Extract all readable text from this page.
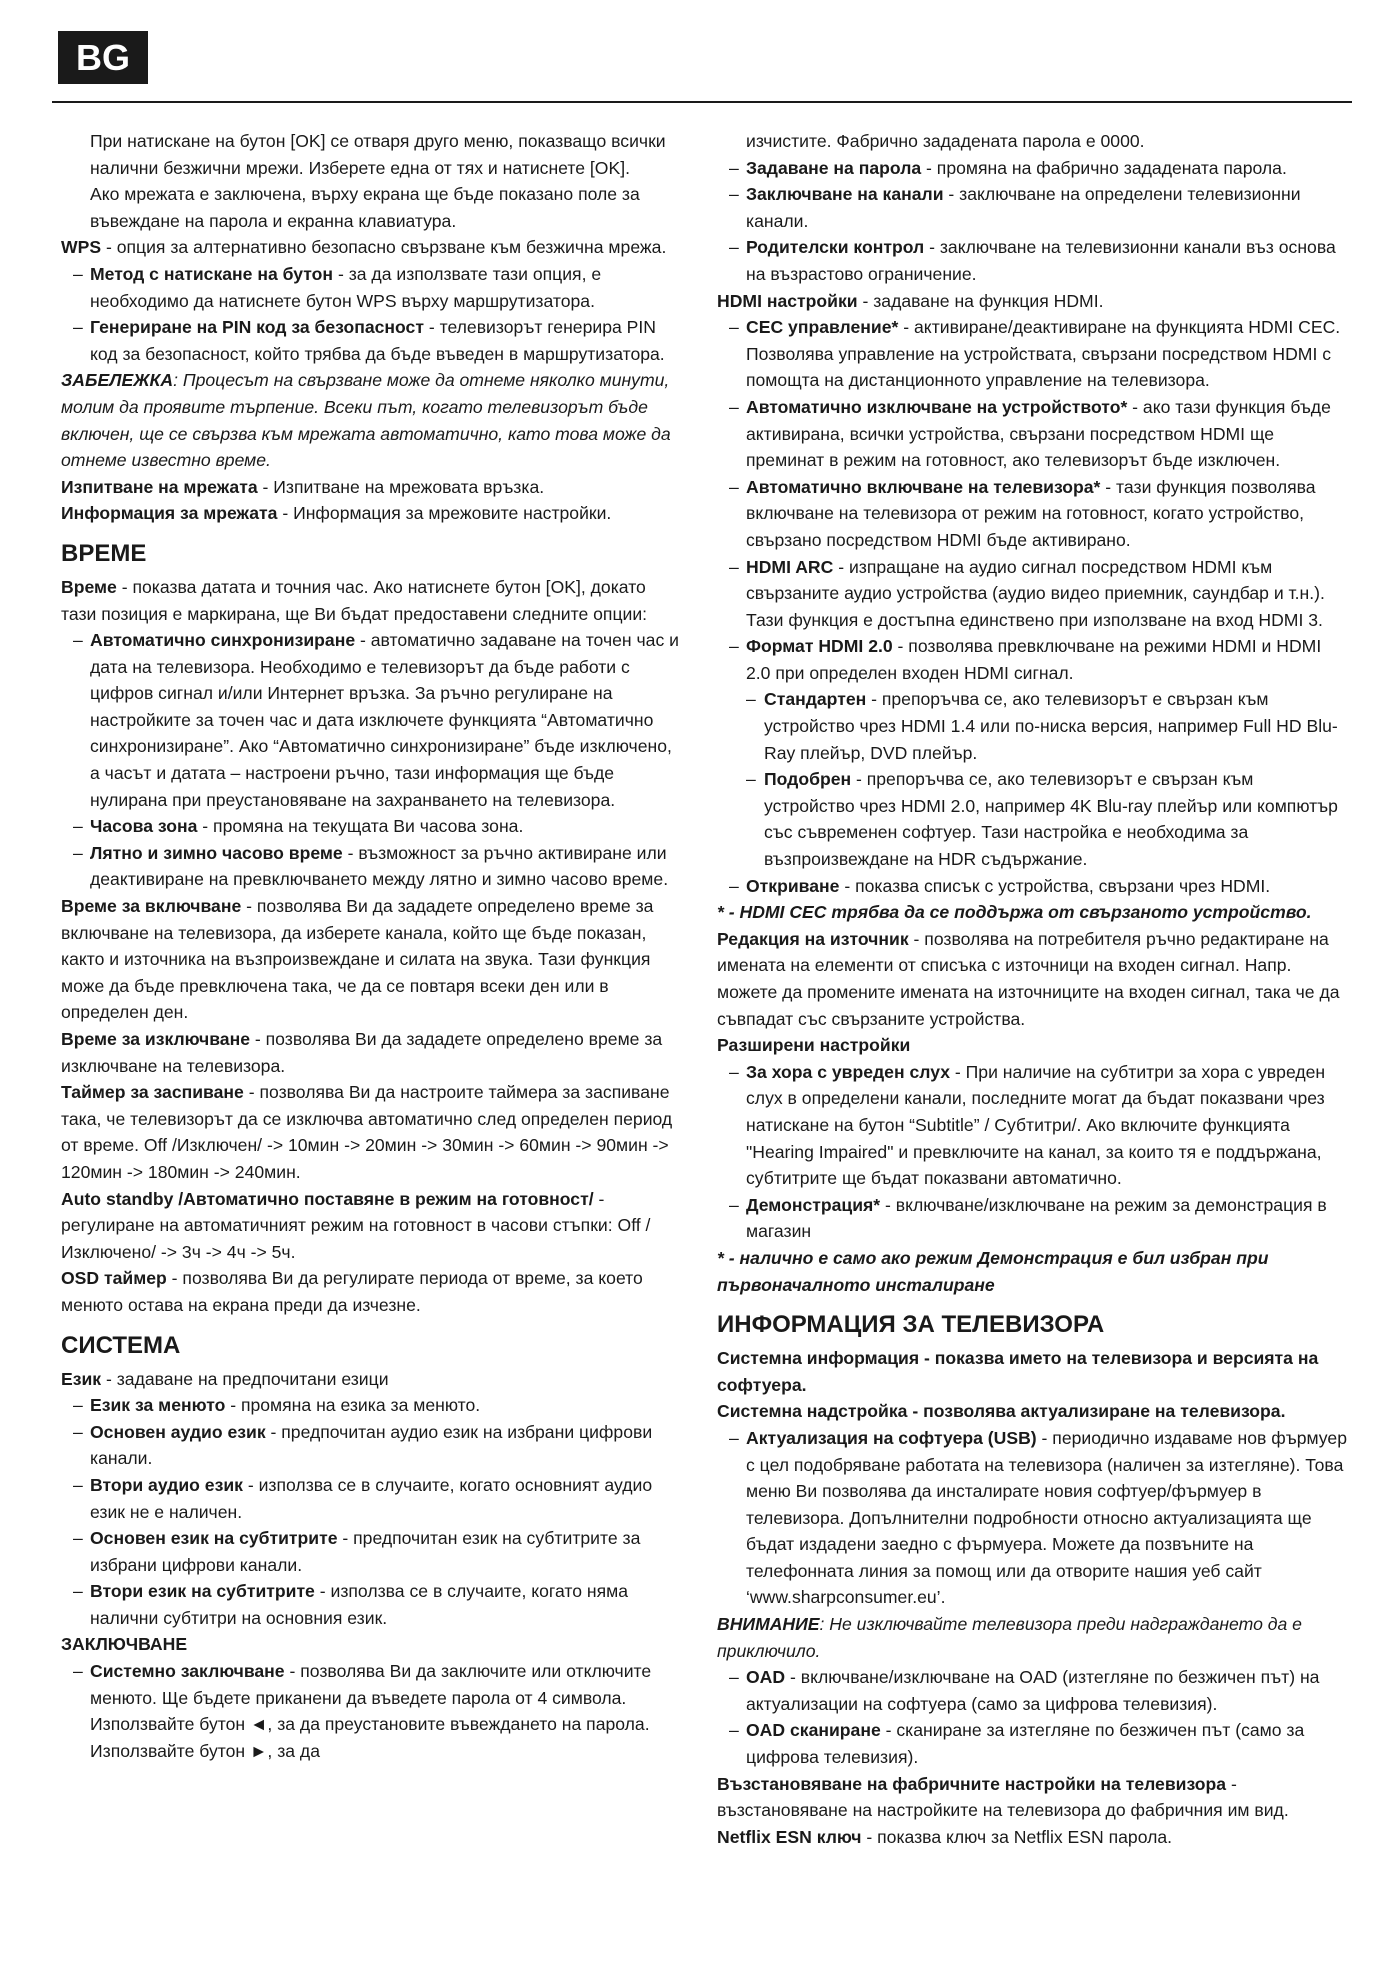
BG

При натискане на бутон [OK] се отваря друго меню, показващо всички налични безжични мрежи. Изберете една от тях и натиснете [OK].

Ако мрежата е заключена, върху екрана ще бъде показано поле за въвеждане на парола и екранна клавиатура.

WPS - опция за алтернативно безопасно свързване към безжична мрежа.

– Метод с натискане на бутон - за да използвате тази опция, е необходимо да натиснете бутон WPS върху маршрутизатора.

– Генериране на PIN код за безопасност - телевизорът генерира PIN код за безопасност, който трябва да бъде въведен в маршрутизатора.

ЗАБЕЛЕЖКА: Процесът на свързване може да отнеме няколко минути, молим да проявите търпение. Всеки път, когато телевизорът бъде включен, ще се свързва към мрежата автоматично, като това може да отнеме известно време.

Изпитване на мрежата - Изпитване на мрежовата връзка.

Информация за мрежата - Информация за мрежовите настройки.

ВРЕМЕ

Време - показва датата и точния час. Ако натиснете бутон [OK], докато тази позиция е маркирана, ще Ви бъдат предоставени следните опции:

– Автоматично синхронизиране - автоматично задаване на точен час и дата на телевизора. Необходимо е телевизорът да бъде работи с цифров сигнал и/или Интернет връзка. За ръчно регулиране на настройките за точен час и дата изключете функцията “Автоматично синхронизиране”. Ако “Автоматично синхронизиране” бъде изключено, а часът и датата – настроени ръчно, тази информация ще бъде нулирана при преустановяване на захранването на телевизора.

– Часова зона - промяна на текущата Ви часова зона.

– Лятно и зимно часово време - възможност за ръчно активиране или деактивиране на превключването между лятно и зимно часово време.

Време за включване - позволява Ви да зададете определено време за включване на телевизора, да изберете канала, който ще бъде показан, както и източника на възпроизвеждане и силата на звука. Тази функция може да бъде превключена така, че да се повтаря всеки ден или в определен ден.

Време за изключване - позволява Ви да зададете определено време за изключване на телевизора.

Таймер за заспиване - позволява Ви да настроите таймера за заспиване така, че телевизорът да се изключва автоматично след определен период от време. Off /Изключен/ -> 10мин -> 20мин -> 30мин -> 60мин -> 90мин -> 120мин -> 180мин -> 240мин.

Auto standby /Автоматично поставяне в режим на готовност/ - регулиране на автоматичният режим на готовност в часови стъпки: Off /Изключено/ -> 3ч -> 4ч -> 5ч.

OSD таймер - позволява Ви да регулирате периода от време, за което менюто остава на екрана преди да изчезне.

СИСТЕМА

Език - задаване на предпочитани езици

– Език за менюто - промяна на езика за менюто.

– Основен аудио език - предпочитан аудио език на избрани цифрови канали.

– Втори аудио език - използва се в случаите, когато основният аудио език не е наличен.

– Основен език на субтитрите - предпочитан език на субтитрите за избрани цифрови канали.

– Втори език на субтитрите - използва се в случаите, когато няма налични субтитри на основния език.

ЗАКЛЮЧВАНЕ

– Системно заключване - позволява Ви да заключите или отключите менюто. Ще бъдете приканени да въведете парола от 4 символа. Използвайте бутон ◄, за да преустановите въвеждането на парола. Използвайте бутон ►, за да

изчистите. Фабрично зададената парола е 0000.

– Задаване на парола - промяна на фабрично зададената парола.

– Заключване на канали - заключване на определени телевизионни канали.

– Родителски контрол - заключване на телевизионни канали въз основа на възрастово ограничение.

HDMI настройки - задаване на функция HDMI.

– CEC управление* - активиране/деактивиране на функцията HDMI CEC. Позволява управление на устройствата, свързани посредством HDMI с помощта на дистанционното управление на телевизора.

– Автоматично изключване на устройството* - ако тази функция бъде активирана, всички устройства, свързани посредством HDMI ще преминат в режим на готовност, ако телевизорът бъде изключен.

– Автоматично включване на телевизора* - тази функция позволява включване на телевизора от режим на готовност, когато устройство, свързано посредством HDMI бъде активирано.

– HDMI ARC - изпращане на аудио сигнал посредством HDMI към свързаните аудио устройства (аудио видео приемник, саундбар и т.н.). Тази функция е достъпна единствено при използване на вход HDMI 3.

– Формат HDMI 2.0 - позволява превключване на режими HDMI и HDMI 2.0 при определен входен HDMI сигнал.

– Стандартен - препоръчва се, ако телевизорът е свързан към устройство чрез HDMI 1.4 или по-ниска версия, например Full HD Blu-Ray плейър, DVD плейър.

– Подобрен - препоръчва се, ако телевизорът е свързан към устройство чрез HDMI 2.0, например 4K Blu-ray плейър или компютър със съвременен софтуер. Тази настройка е необходима за възпроизвеждане на HDR съдържание.

– Откриване - показва списък с устройства, свързани чрез HDMI.

* - HDMI CEC трябва да се поддържа от свързаното устройство.

Редакция на източник - позволява на потребителя ръчно редактиране на имената на елементи от списъка с източници на входен сигнал. Напр. можете да промените имената на източниците на входен сигнал, така че да съвпадат със свързаните устройства.

Разширени настройки

– За хора с увреден слух - При наличие на субтитри за хора с увреден слух в определени канали, последните могат да бъдат показвани чрез натискане на бутон “Subtitle” / Субтитри/. Ако включите функцията "Hearing Impaired" и превключите на канал, за които тя е поддържана, субтитрите ще бъдат показвани автоматично.

– Демонстрация* - включване/изключване на режим за демонстрация в магазин

* - налично е само ако режим Демонстрация е бил избран при първоначалното инсталиране

ИНФОРМАЦИЯ ЗА ТЕЛЕВИЗОРА

Системна информация - показва името на телевизора и версията на софтуера.

Системна надстройка - позволява актуализиране на телевизора.

– Актуализация на софтуера (USB) - периодично издаваме нов фърмуер с цел подобряване работата на телевизора (наличен за изтегляне). Това меню Ви позволява да инсталирате новия софтуер/фърмуер в телевизора. Допълнителни подробности относно актуализацията ще бъдат издадени заедно с фърмуера. Можете да позвъните на телефонната линия за помощ или да отворите нашия уеб сайт ‘www.sharpconsumer.eu’.

ВНИМАНИЕ: Не изключвайте телевизора преди надграждането да е приключило.

– OAD - включване/изключване на OAD (изтегляне по безжичен път) на актуализации на софтуера (само за цифрова телевизия).

– OAD сканиране - сканиране за изтегляне по безжичен път (само за цифрова телевизия).

Възстановяване на фабричните настройки на телевизора - възстановяване на настройките на телевизора до фабричния им вид.

Netflix ESN ключ - показва ключ за Netflix ESN парола.
